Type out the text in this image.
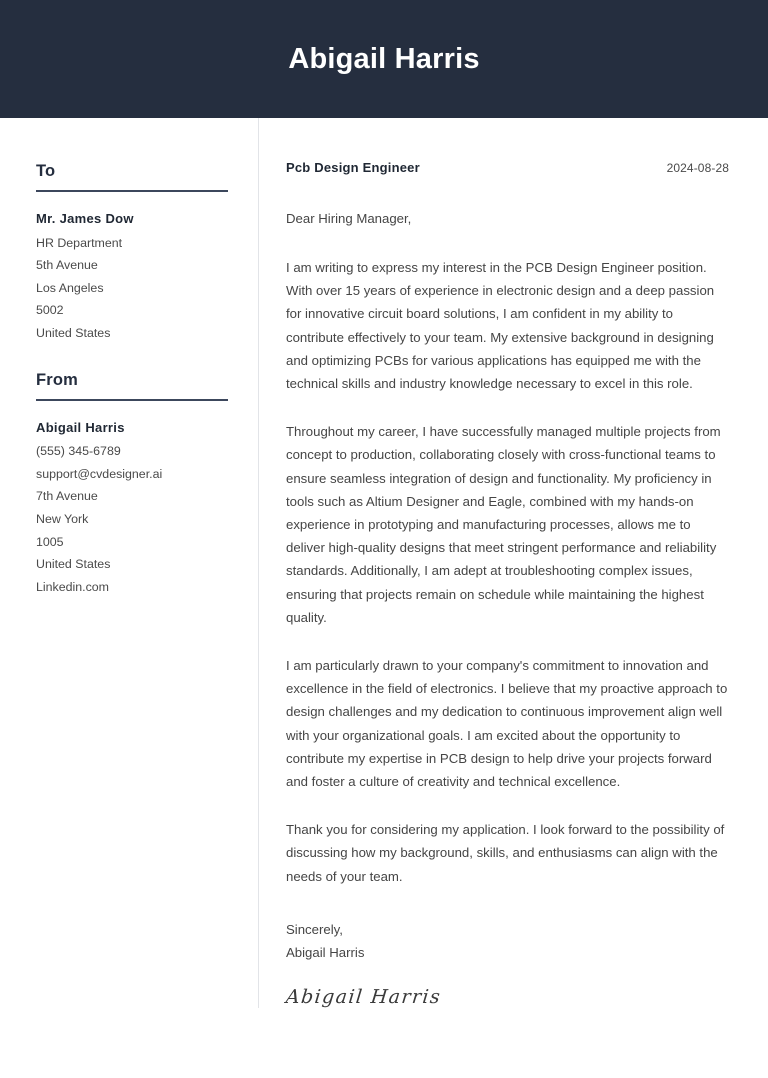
Abigail Harris
To
Mr. James Dow
HR Department
5th Avenue
Los Angeles
5002
United States
From
Abigail Harris
(555) 345-6789
support@cvdesigner.ai
7th Avenue
New York
1005
United States
Linkedin.com
Pcb Design Engineer	2024-08-28
Dear Hiring Manager,

I am writing to express my interest in the PCB Design Engineer position. With over 15 years of experience in electronic design and a deep passion for innovative circuit board solutions, I am confident in my ability to contribute effectively to your team. My extensive background in designing and optimizing PCBs for various applications has equipped me with the technical skills and industry knowledge necessary to excel in this role.

Throughout my career, I have successfully managed multiple projects from concept to production, collaborating closely with cross-functional teams to ensure seamless integration of design and functionality. My proficiency in tools such as Altium Designer and Eagle, combined with my hands-on experience in prototyping and manufacturing processes, allows me to deliver high-quality designs that meet stringent performance and reliability standards. Additionally, I am adept at troubleshooting complex issues, ensuring that projects remain on schedule while maintaining the highest quality.

I am particularly drawn to your company's commitment to innovation and excellence in the field of electronics. I believe that my proactive approach to design challenges and my dedication to continuous improvement align well with your organizational goals. I am excited about the opportunity to contribute my expertise in PCB design to help drive your projects forward and foster a culture of creativity and technical excellence.

Thank you for considering my application. I look forward to the possibility of discussing how my background, skills, and enthusiasms can align with the needs of your team.

Sincerely,
Abigail Harris
Abigail Harris
